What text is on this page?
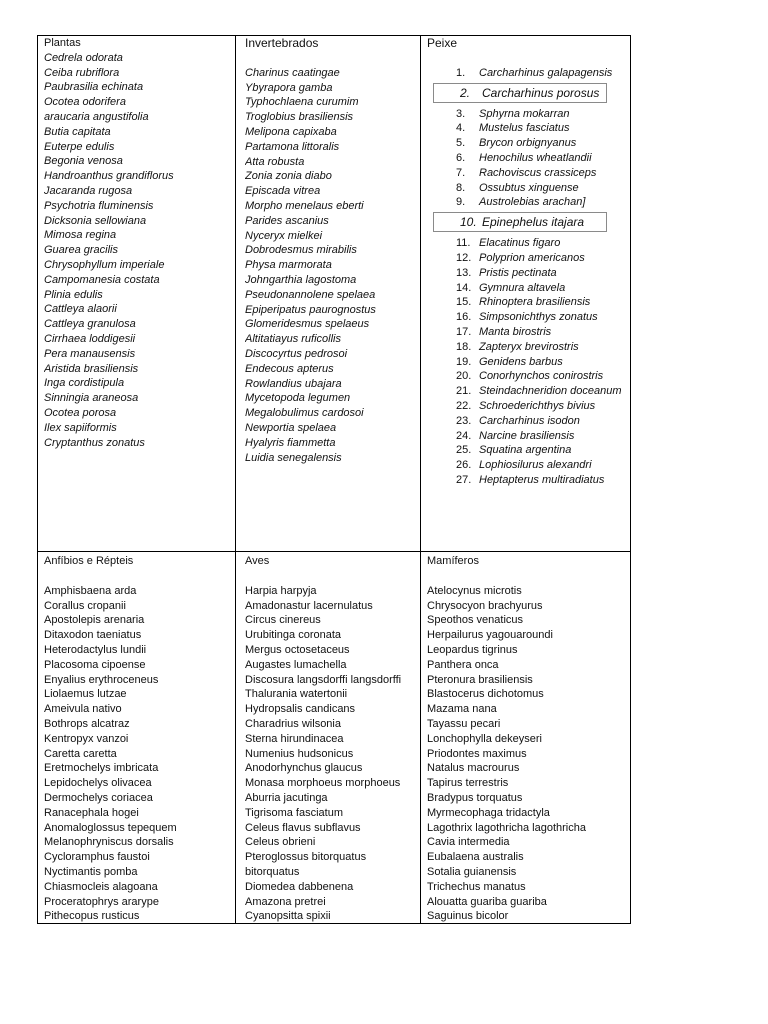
Plantas
Cedrela odorata
Ceiba rubriflora
Paubrasilia echinata
Ocotea odorifera
araucaria angustifolia
Butia capitata
Euterpe edulis
Begonia venosa
Handroanthus grandiflorus
Jacaranda rugosa
Psychotria fluminensis
Dicksonia sellowiana
Mimosa regina
Guarea gracilis
Chrysophyllum imperiale
Campomanesia costata
Plinia edulis
Cattleya alaorii
Cattleya granulosa
Cirrhaea loddigesii
Pera manausensis
Aristida brasiliensis
Inga cordistipula
Sinningia araneosa
Ocotea porosa
Ilex sapiiformis
Cryptanthus zonatus
Invertebrados
Charinus caatingae
Ybyrapora gamba
Typhochlaena curumim
Troglobius brasiliensis
Melipona capixaba
Partamona littoralis
Atta robusta
Zonia zonia diabo
Episcada vitrea
Morpho menelaus eberti
Parides ascanius
Nyceryx mielkei
Dobrodesmus mirabilis
Physa marmorata
Johngarthia lagostoma
Pseudonannolene spelaea
Epiperipatus paurognostus
Glomeridesmus spelaeus
Altitatiayus ruficollis
Discocyrtus pedrosoi
Endecous apterus
Rowlandius ubajara
Mycetopoda legumen
Megalobulimus cardosoi
Newportia spelaea
Hyalyris fiammetta
Luidia senegalensis
Peixe
1.	Carcharhinus galapagensis
2. Carcharhinus porosus
3.	Sphyrna mokarran
4.	Mustelus fasciatus
5.	Brycon orbignyanus
6.	Henochilus wheatlandii
7.	Rachoviscus crassiceps
8.	Ossubtus xinguense
9.	Austrolebias arachan]
10. Epinephelus itajara
11. Elacatinus figaro
12. Polyprion americanos
13. Pristis pectinata
14. Gymnura altavela
15. Rhinoptera brasiliensis
16. Simpsonichthys zonatus
17. Manta birostris
18. Zapteryx brevirostris
19. Genidens barbus
20. Conorhynchos conirostris
21. Steindachneridion doceanum
22. Schroederichthys bivius
23. Carcharhinus isodon
24. Narcine brasiliensis
25. Squatina argentina
26. Lophiosilurus alexandri
27. Heptapterus multiradiatus
Anfíbios e Répteis
Amphisbaena arda
Corallus cropanii
Apostolepis arenaria
Ditaxodon taeniatus
Heterodactylus lundii
Placosoma cipoense
Enyalius erythroceneus
Liolaemus lutzae
Ameivula nativo
Bothrops alcatraz
Kentropyx vanzoi
Caretta caretta
Eretmochelys imbricata
Lepidochelys olivacea
Dermochelys coriacea
Ranacephala hogei
Anomaloglossus tepequem
Melanophryniscus dorsalis
Cycloramphus faustoi
Nyctimantis pomba
Chiasmocleis alagoana
Proceratophrys ararype
Pithecopus rusticus
Aves
Harpia harpyja
Amadonastur lacernulatus
Circus cinereus
Urubitinga coronata
Mergus octosetaceus
Augastes lumachella
Discosura langsdorffi langsdorffi
Thalurania watertonii
Hydropsalis candicans
Charadrius wilsonia
Sterna hirundinacea
Numenius hudsonicus
Anodorhynchus glaucus
Monasa morphoeus morphoeus
Aburria jacutinga
Tigrisoma fasciatum
Celeus flavus subflavus
Celeus obrieni
Pteroglossus bitorquatus
bitorquatus
Diomedea dabbenena
Amazona pretrei
Cyanopsitta spixii
Mamíferos
Atelocynus microtis
Chrysocyon brachyurus
Speothos venaticus
Herpailurus yagouaroundi
Leopardus tigrinus
Panthera onca
Pteronura brasiliensis
Blastocerus dichotomus
Mazama nana
Tayassu pecari
Lonchophylla dekeyseri
Priodontes maximus
Natalus macrourus
Tapirus terrestris
Bradypus torquatus
Myrmecophaga tridactyla
Lagothrix lagothricha lagothricha
Cavia intermedia
Eubalaena australis
Sotalia guianensis
Trichechus manatus
Alouatta guariba guariba
Saguinus bicolor
